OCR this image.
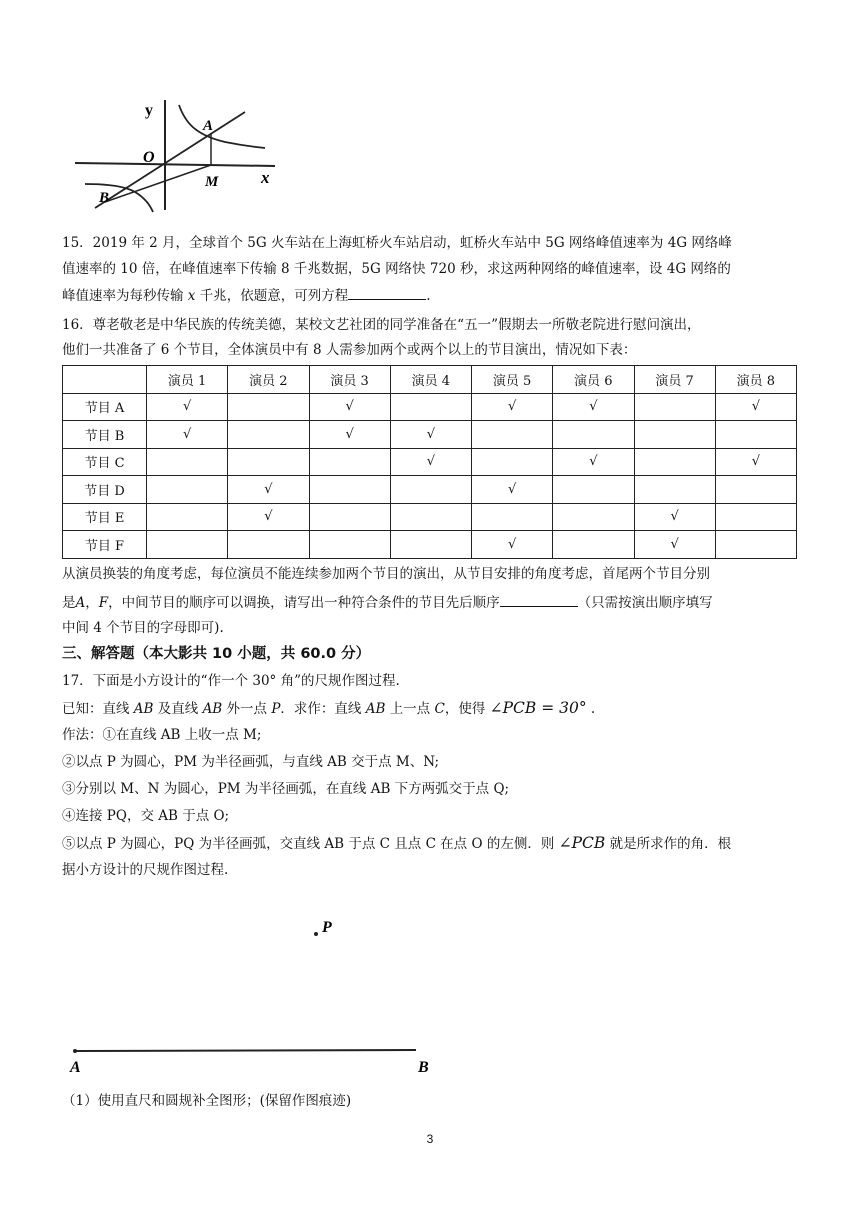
y
A
O
M	x
B
15．2019 年 2 月，全球首个 5G 火车站在上海虹桥火车站启动，虹桥火车站中 5G 网络峰值速率为 4G 网络峰
值速率的 10 倍，在峰值速率下传输 8 千兆数据，5G 网络快 720 秒，求这两种网络的峰值速率，设 4G 网络的
峰值速率为每秒传输 x 千兆，依题意，可列方程	.
16．尊老敬老是中华民族的传统美德，某校文艺社团的同学准备在“五一”假期去一所敬老院进行慰问演出，
他们一共准备了 6 个节目，全体演员中有 8 人需参加两个或两个以上的节目演出，情况如下表：
	演员 1	演员 2	演员 3	演员 4	演员 5	演员 6	演员 7	演员 8
节目 A	√		√		√	√		√
节目 B	√		√	√				
节目 C				√		√		√
节目 D		√			√			
节目 E		√					√	
节目 F					√		√	
从演员换装的角度考虑，每位演员不能连续参加两个节目的演出，从节目安排的角度考虑，首尾两个节目分别
是A，F，中间节目的顺序可以调换，请写出一种符合条件的节目先后顺序	（只需按演出顺序填写
中间 4 个节目的字母即可).
三、解答题（本大影共 10 小题，共 60.0 分）
17．下面是小方设计的“作一个 30° 角”的尺规作图过程.
已知：直线 AB 及直线 AB 外一点 P．求作：直线 AB 上一点 C，使得 ∠PCB = 30° .
作法：①在直线 AB 上收一点 M;
②以点 P 为圆心，PM 为半径画弧，与直线 AB 交于点 M、N;
③分别以 M、N 为圆心，PM 为半径画弧，在直线 AB 下方两弧交于点 Q;
④连接 PQ，交 AB 于点 O;
⑤以点 P 为圆心，PQ 为半径画弧，交直线 AB 于点 C 且点 C 在点 O 的左侧．则 ∠PCB 就是所求作的角．根
据小方设计的尺规作图过程.
P
A	B
（1）使用直尺和圆规补全图形；(保留作图痕迹)
3
